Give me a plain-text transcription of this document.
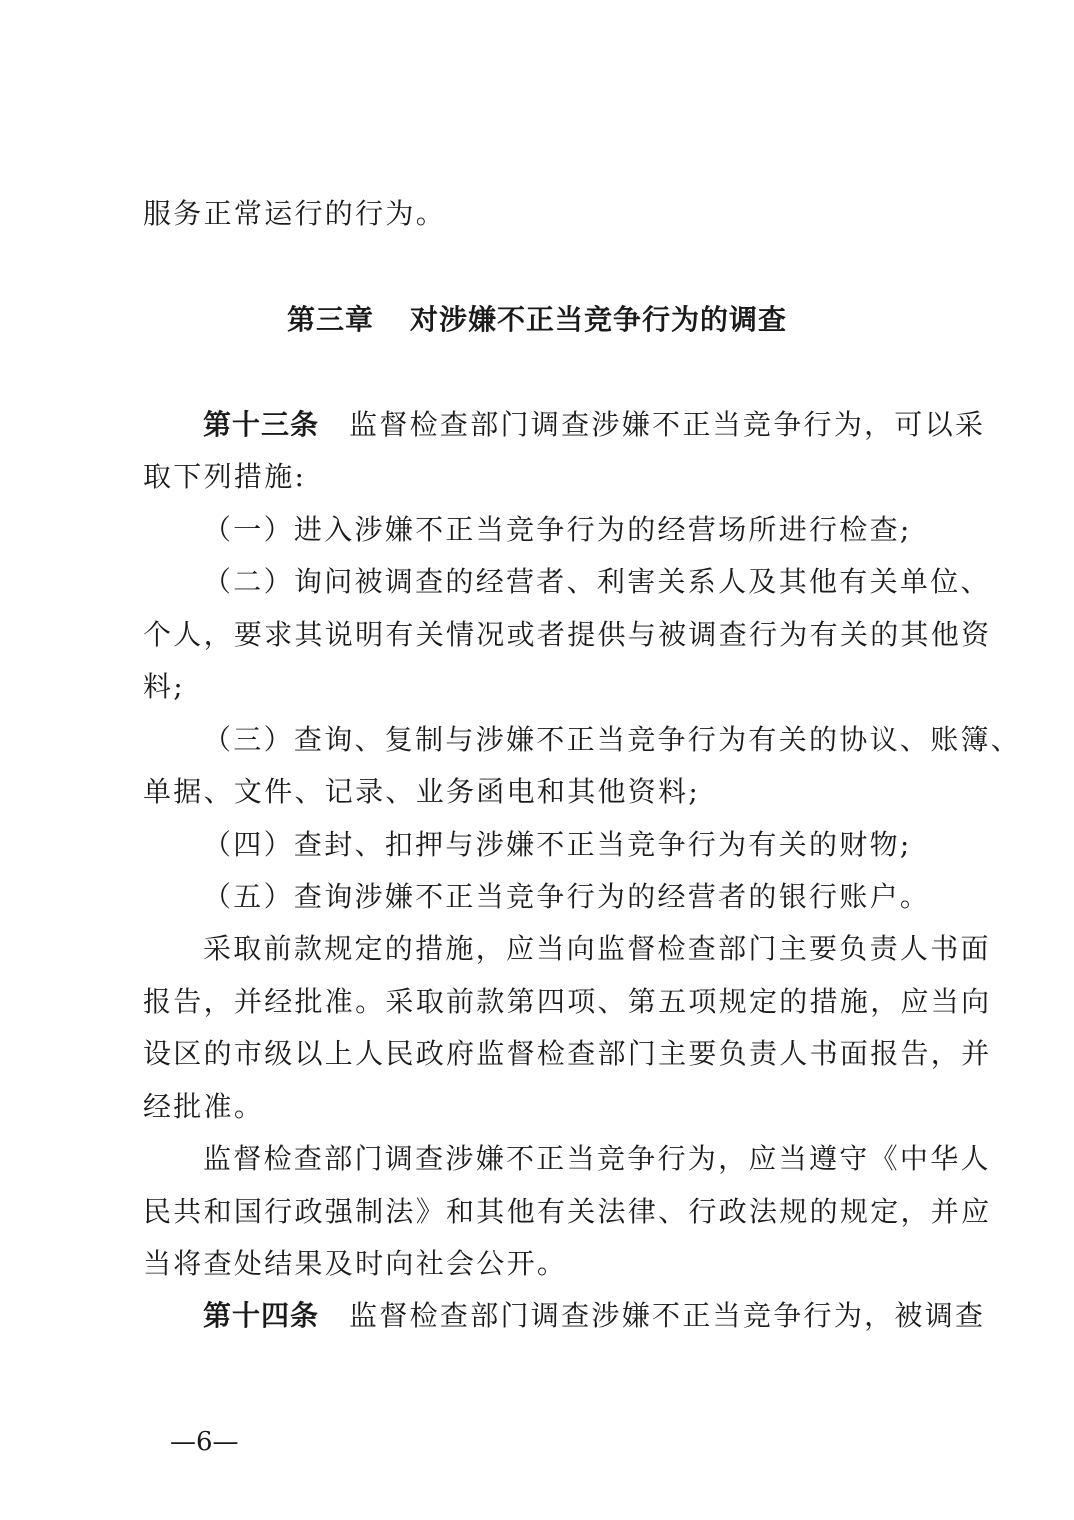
服务正常运行的行为。
第三章 对涉嫌不正当竞争行为的调查
第十三条 监督检查部门调查涉嫌不正当竞争行为，可以采
取下列措施:
（一）进入涉嫌不正当竞争行为的经营场所进行检查;
（二）询问被调查的经营者、利害关系人及其他有关单位、
个人，要求其说明有关情况或者提供与被调查行为有关的其他资
料;
（三）查询、复制与涉嫌不正当竞争行为有关的协议、账簿、
单据、文件、记录、业务函电和其他资料;
（四）查封、扣押与涉嫌不正当竞争行为有关的财物;
（五）查询涉嫌不正当竞争行为的经营者的银行账户。
采取前款规定的措施，应当向监督检查部门主要负责人书面
报告，并经批准。采取前款第四项、第五项规定的措施，应当向
设区的市级以上人民政府监督检查部门主要负责人书面报告，并
经批准。
监督检查部门调查涉嫌不正当竞争行为，应当遵守《中华人
民共和国行政强制法》和其他有关法律、行政法规的规定，并应
当将查处结果及时向社会公开。
第十四条 监督检查部门调查涉嫌不正当竞争行为，被调查
—6—
